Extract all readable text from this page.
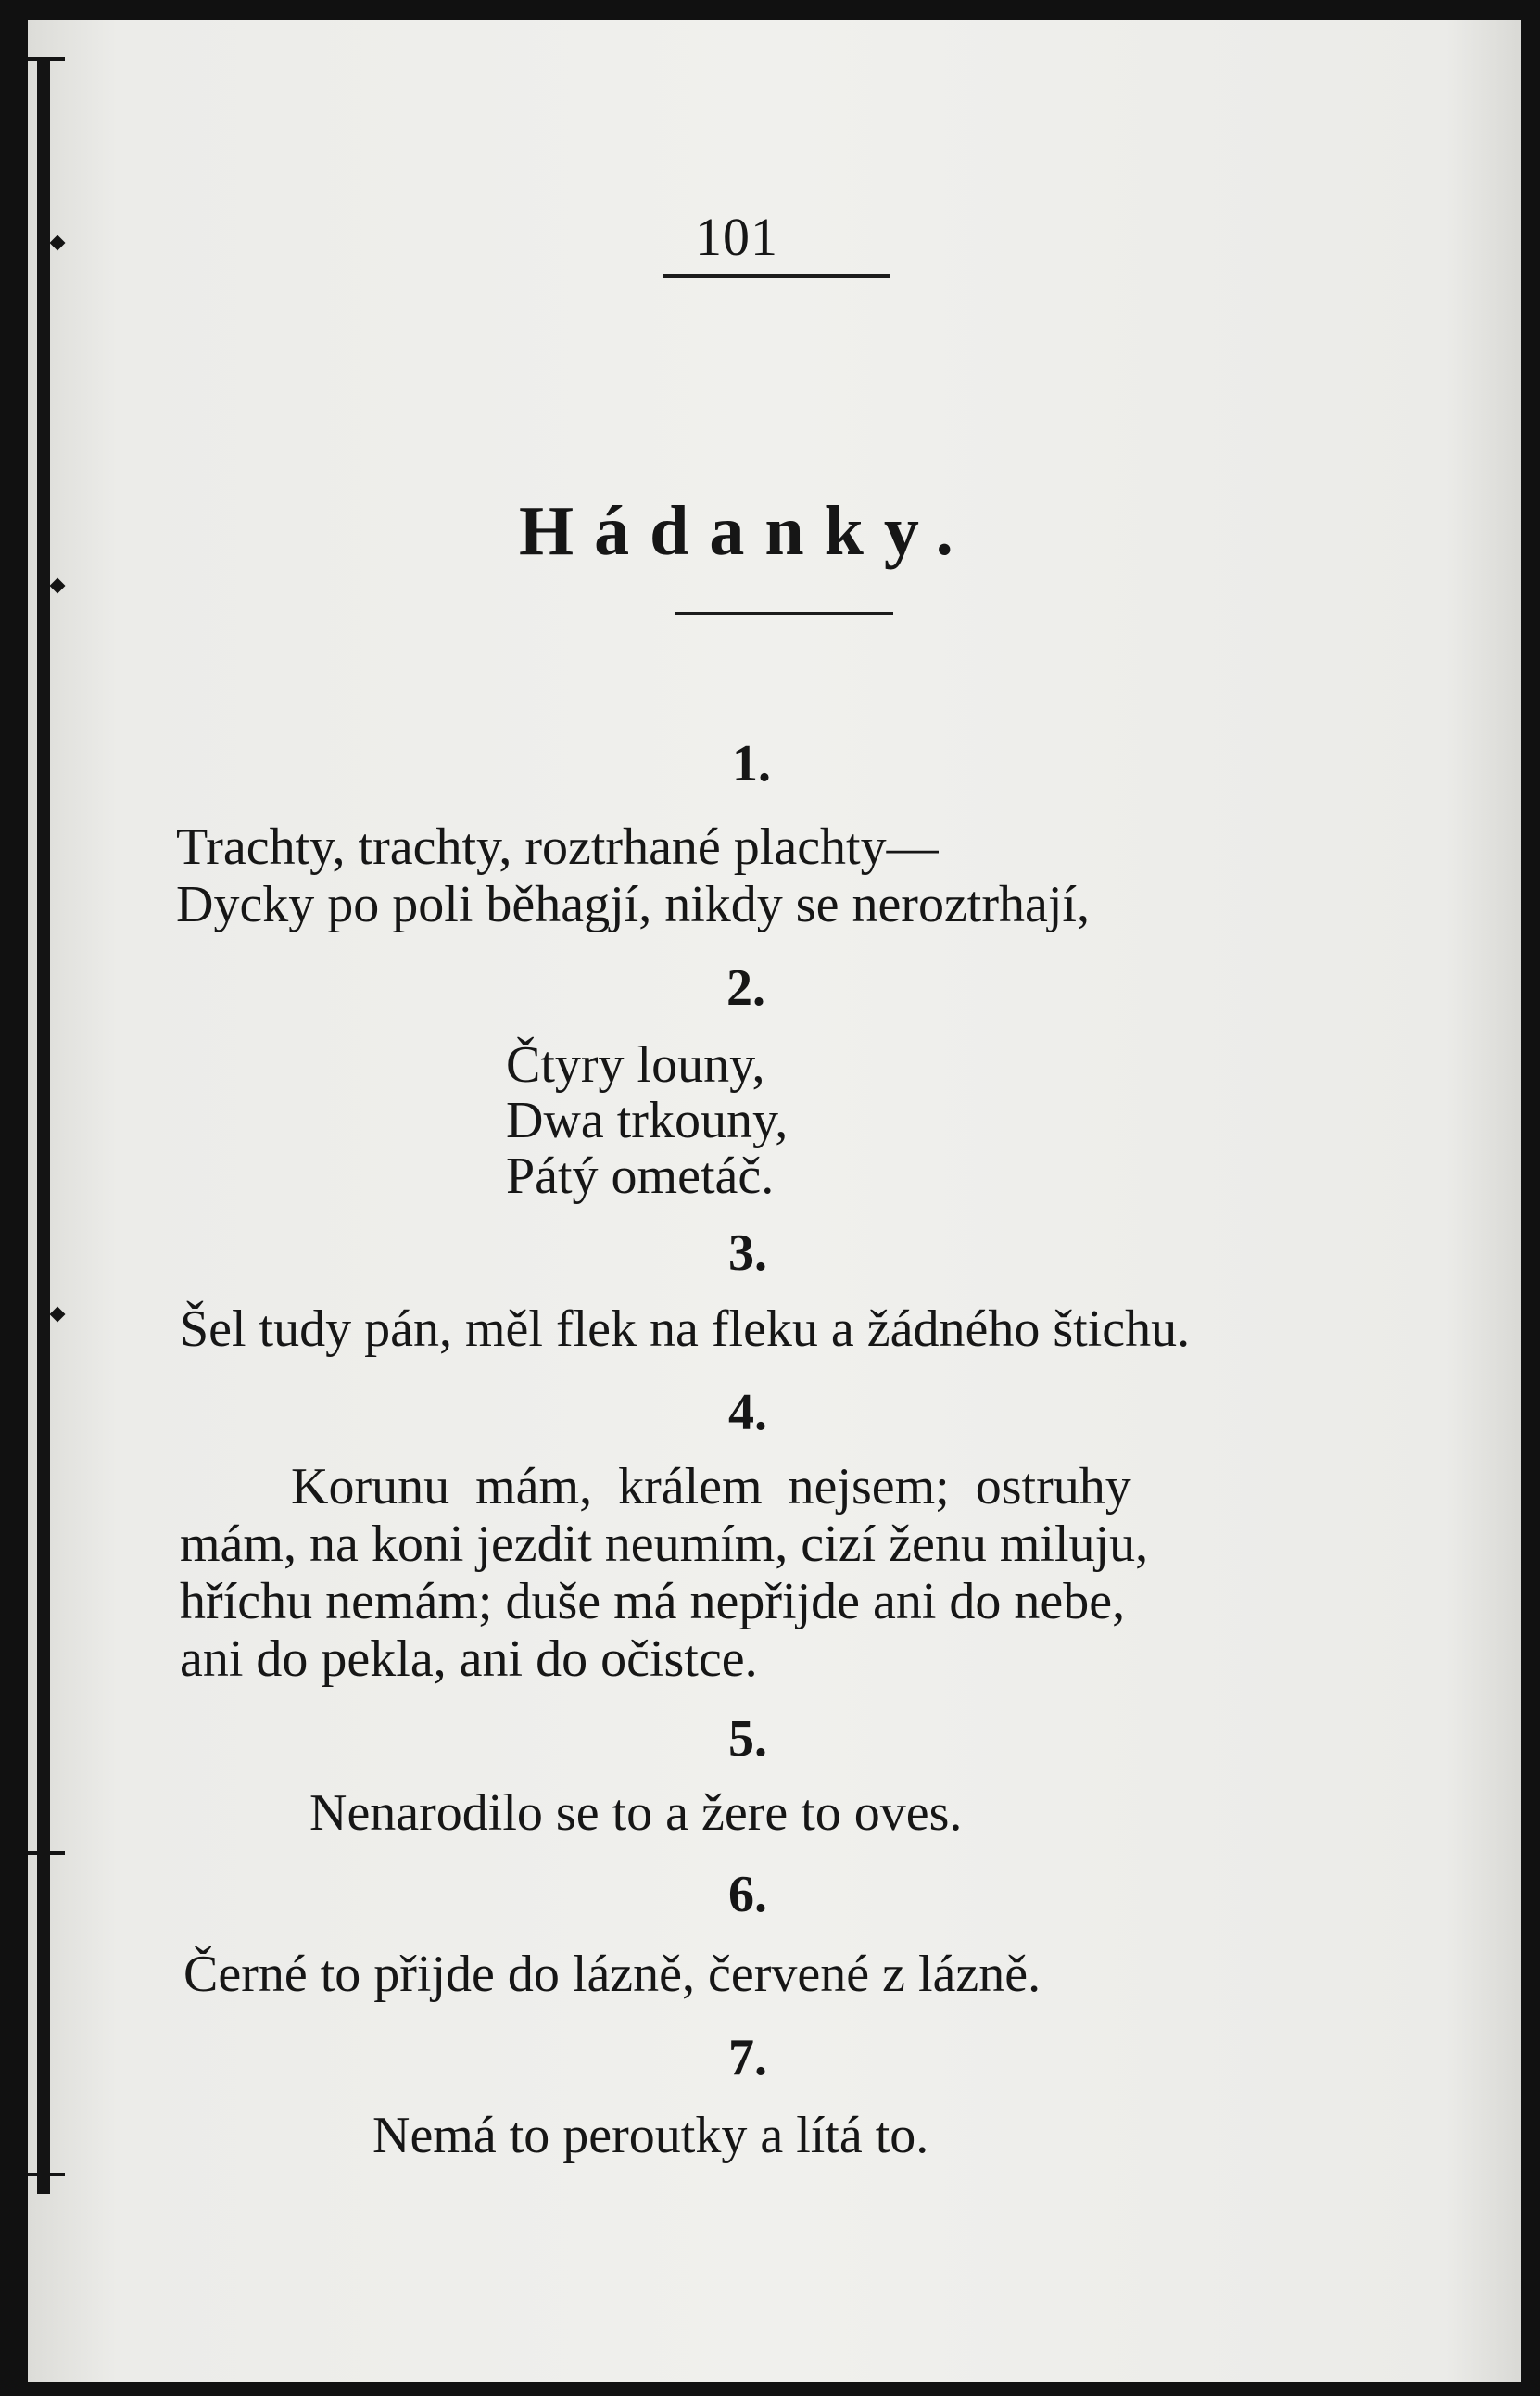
101
Hádanky.
1.
Trachty, trachty, roztrhané plachty—
Dycky po poli běhagjí, nikdy se neroztrhají,
2.
Čtyry louny,
Dwa trkouny,
Pátý ometáč.
3.
Šel tudy pán, měl flek na fleku a žádného štichu.
4.
Korunu mám, králem nejsem; ostruhy
mám, na koni jezdit neumím, cizí ženu miluju,
hříchu nemám; duše má nepřijde ani do nebe,
ani do pekla, ani do očistce.
5.
Nenarodilo se to a žere to oves.
6.
Černé to přijde do lázně, červené z lázně.
7.
Nemá to peroutky a lítá to.
